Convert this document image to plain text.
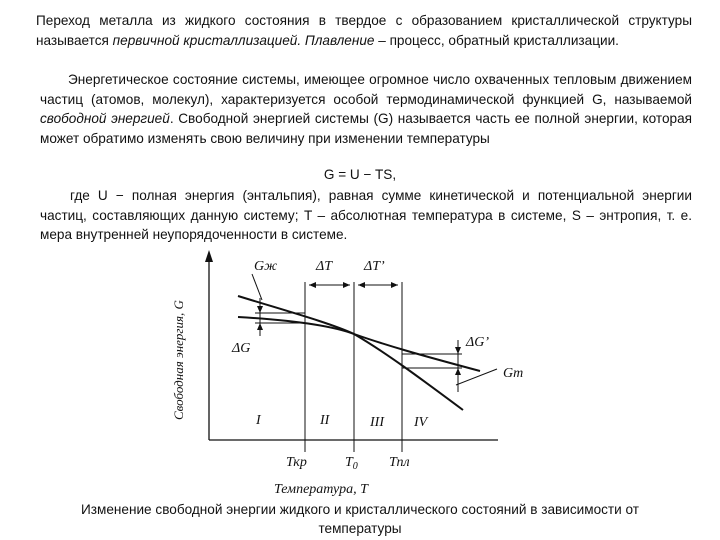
Переход металла из жидкого состояния в твердое с образованием кристаллической структуры называется первичной кристаллизацией. Плавление – процесс, обратный кристаллизации.
Энергетическое состояние системы, имеющее огромное число охваченных тепловым движением частиц (атомов, молекул), характеризуется особой термодинамической функцией G, называемой свободной энергией. Свободной энергией системы (G) называется часть ее полной энергии, которая может обратимо изменять свою величину при изменении температуры
G = U − TS,
где U − полная энергия (энтальпия), равная сумме кинетической и потенциальной энергии частиц, составляющих данную систему; T – абсолютная температура в системе, S – энтропия, т. е. мера внутренней неупорядоченности в системе.
Свободная энергия, G
Температура, T
Gж
Gт
ΔT ΔT’
ΔG	ΔG’
I	II	III IV
Ткр	$T_0$ Тпл
Изменение свободной энергии жидкого и кристаллического состояний в зависимости от температуры
